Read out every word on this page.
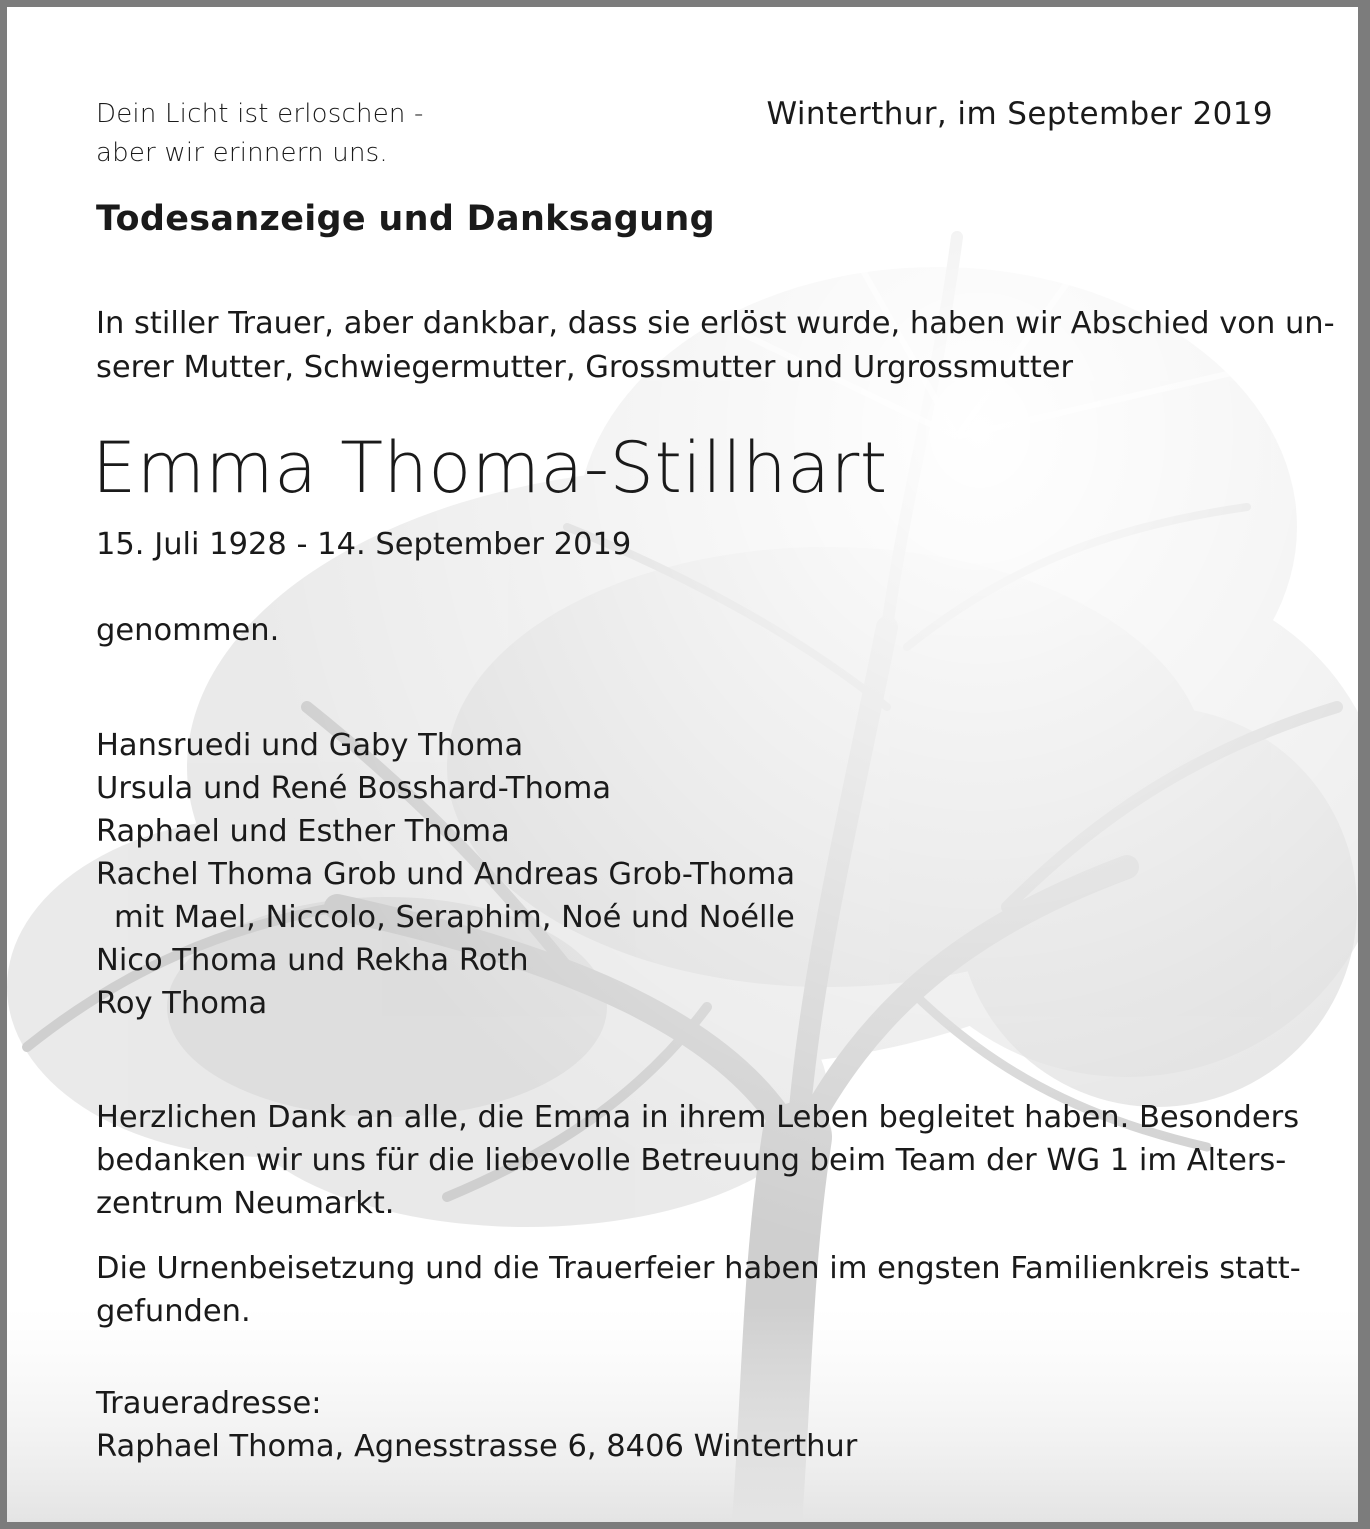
Dein Licht ist erloschen -
aber wir erinnern uns.
Winterthur, im September 2019
Todesanzeige und Danksagung
In stiller Trauer, aber dankbar, dass sie erlöst wurde, haben wir Abschied von un-
serer Mutter, Schwiegermutter, Grossmutter und Urgrossmutter
Emma Thoma-Stillhart
15. Juli 1928 - 14. September 2019
genommen.
Hansruedi und Gaby Thoma
Ursula und René Bosshard-Thoma
Raphael und Esther Thoma
Rachel Thoma Grob und Andreas Grob-Thoma
mit Mael, Niccolo, Seraphim, Noé und Noélle
Nico Thoma und Rekha Roth
Roy Thoma
Herzlichen Dank an alle, die Emma in ihrem Leben begleitet haben. Besonders
bedanken wir uns für die liebevolle Betreuung beim Team der WG 1 im Alters-
zentrum Neumarkt.
Die Urnenbeisetzung und die Trauerfeier haben im engsten Familienkreis statt-
gefunden.
Traueradresse:
Raphael Thoma, Agnesstrasse 6, 8406 Winterthur
